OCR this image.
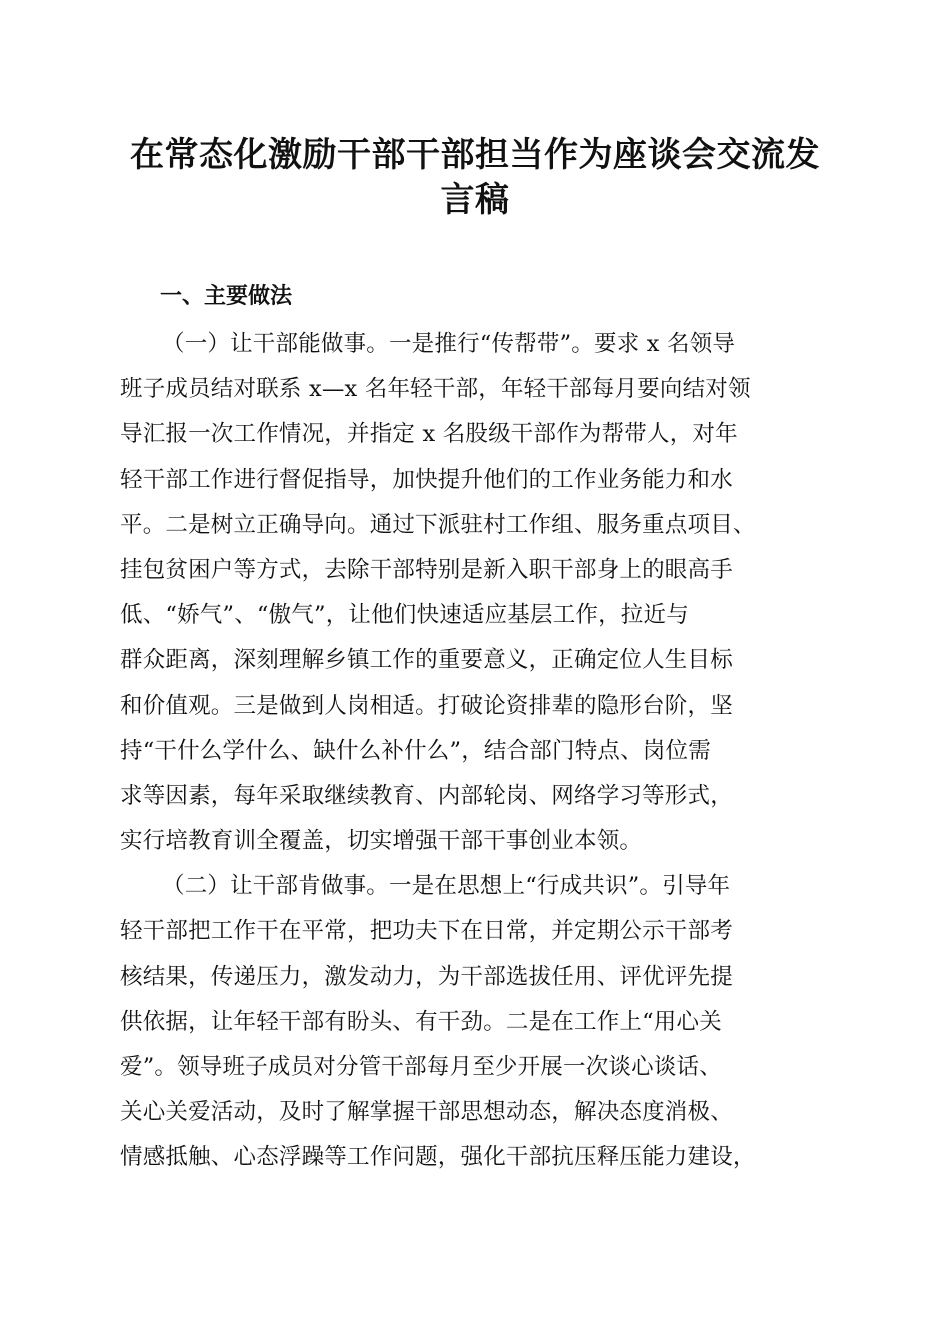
在常态化激励干部干部担当作为座谈会交流发
言稿
一、主要做法
（一）让干部能做事。一是推行“传帮带”。要求 x 名领导
班子成员结对联系 x—x 名年轻干部，年轻干部每月要向结对领
导汇报一次工作情况，并指定 x 名股级干部作为帮带人，对年
轻干部工作进行督促指导，加快提升他们的工作业务能力和水
平。二是树立正确导向。通过下派驻村工作组、服务重点项目、
挂包贫困户等方式，去除干部特别是新入职干部身上的眼高手
低、“娇气”、“傲气”，让他们快速适应基层工作，拉近与
群众距离，深刻理解乡镇工作的重要意义，正确定位人生目标
和价值观。三是做到人岗相适。打破论资排辈的隐形台阶，坚
持“干什么学什么、缺什么补什么”，结合部门特点、岗位需
求等因素，每年采取继续教育、内部轮岗、网络学习等形式，
实行培教育训全覆盖，切实增强干部干事创业本领。
（二）让干部肯做事。一是在思想上“行成共识”。引导年
轻干部把工作干在平常，把功夫下在日常，并定期公示干部考
核结果，传递压力，激发动力，为干部选拔任用、评优评先提
供依据，让年轻干部有盼头、有干劲。二是在工作上“用心关
爱”。领导班子成员对分管干部每月至少开展一次谈心谈话、
关心关爱活动，及时了解掌握干部思想动态，解决态度消极、
情感抵触、心态浮躁等工作问题，强化干部抗压释压能力建设，
